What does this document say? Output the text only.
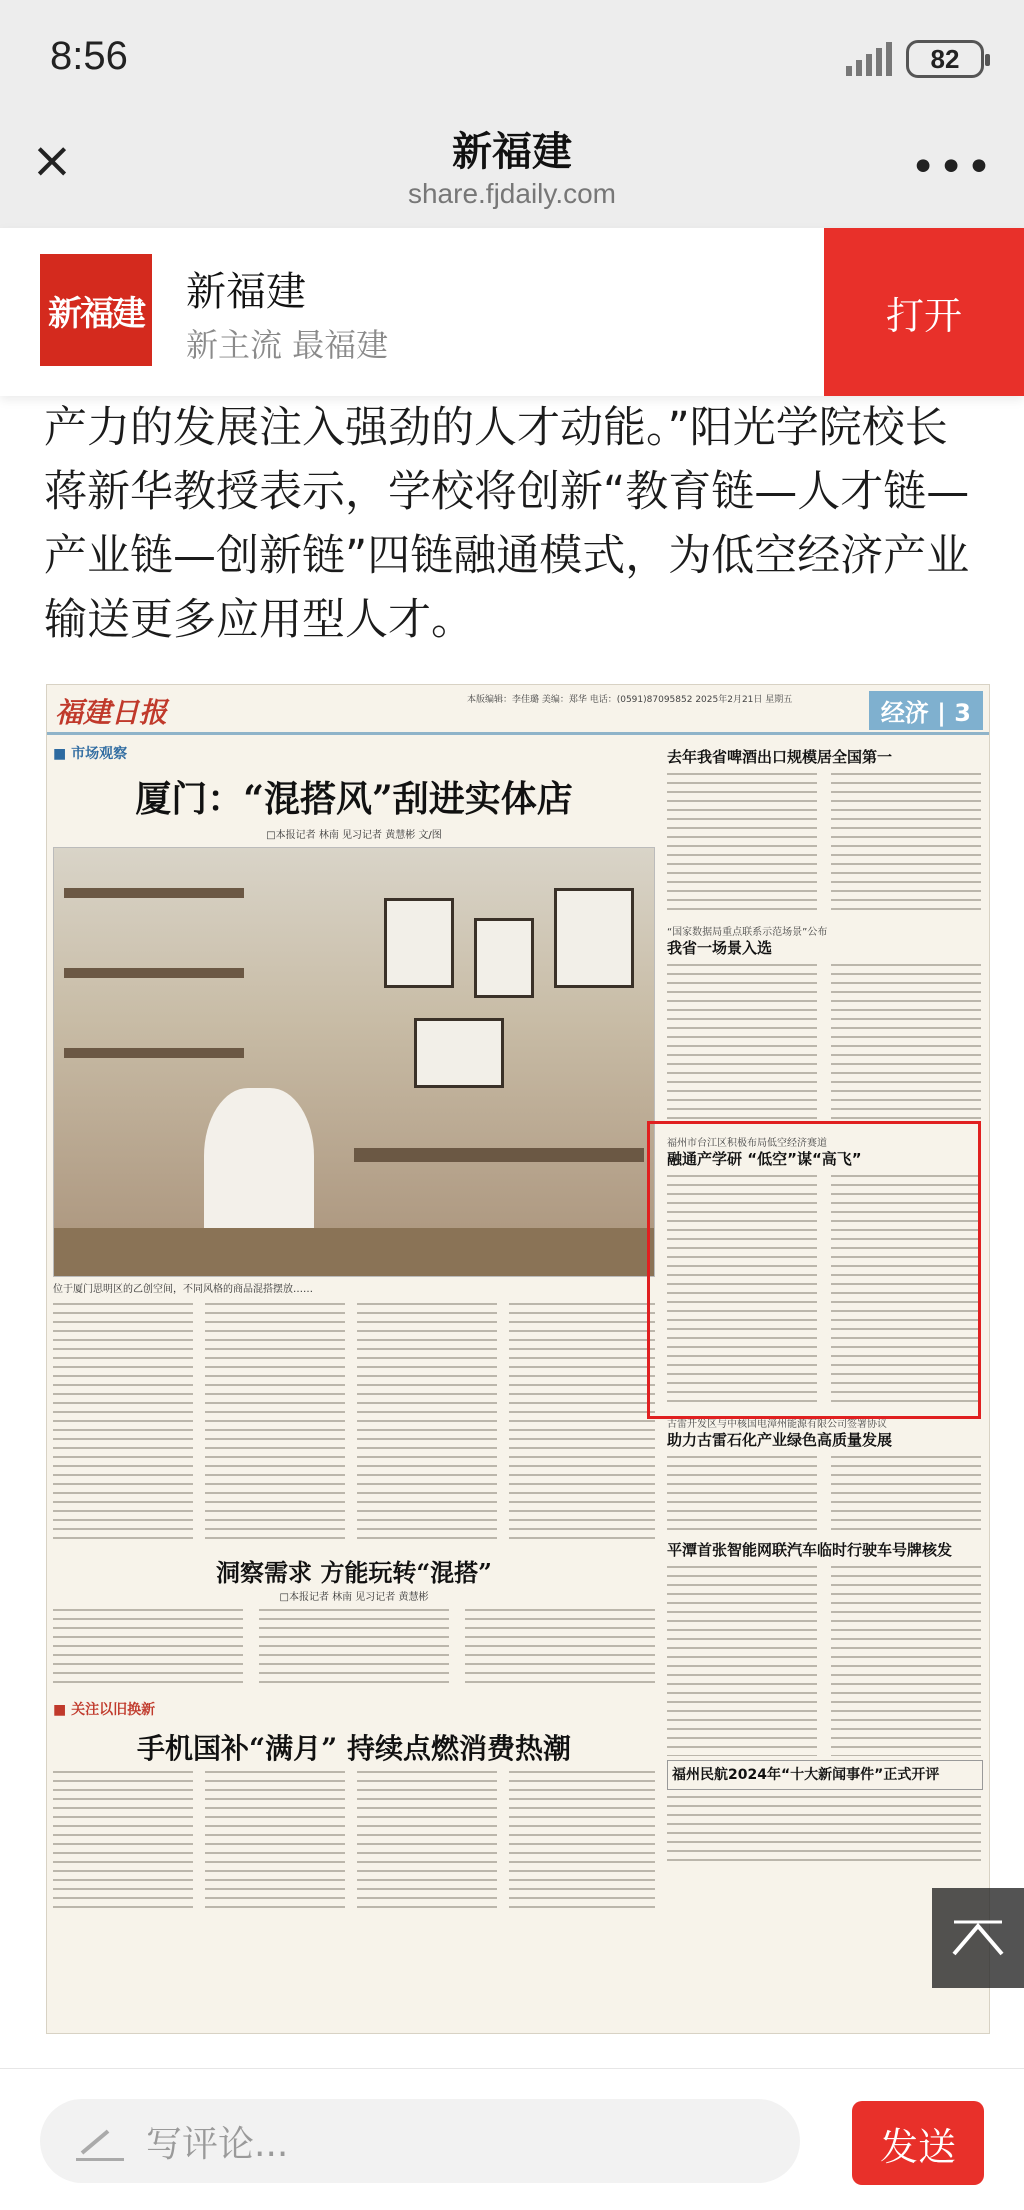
8:56	82
×	新福建
share.fjdaily.com
•••
新福建 新福建
新主流 最福建
打开
产力的发展注入强劲的人才动能。”阳光学院校长蒋新华教授表示，学校将创新“教育链—人才链—产业链—创新链”四链融通模式，为低空经济产业输送更多应用型人才。
福建日报	本版编辑：李佳璐 美编：郑华 电话：(0591)87095852 2025年2月21日 星期五	经济 | 3
■ 市场观察
厦门：“混搭风”刮进实体店
□本报记者 林南 见习记者 黄慧彬 文/图
位于厦门思明区的乙创空间，不同风格的商品混搭摆放……
洞察需求 方能玩转“混搭”
□本报记者 林南 见习记者 黄慧彬
■ 关注以旧换新
手机国补“满月” 持续点燃消费热潮
去年我省啤酒出口规模居全国第一
“国家数据局重点联系示范场景”公布
我省一场景入选
福州市台江区积极布局低空经济赛道
融通产学研 “低空”谋“高飞”
古雷开发区与中核国电漳州能源有限公司签署协议
助力古雷石化产业绿色高质量发展
平潭首张智能网联汽车临时行驶车号牌核发
福州民航2024年“十大新闻事件”正式开评
写评论...	发送
